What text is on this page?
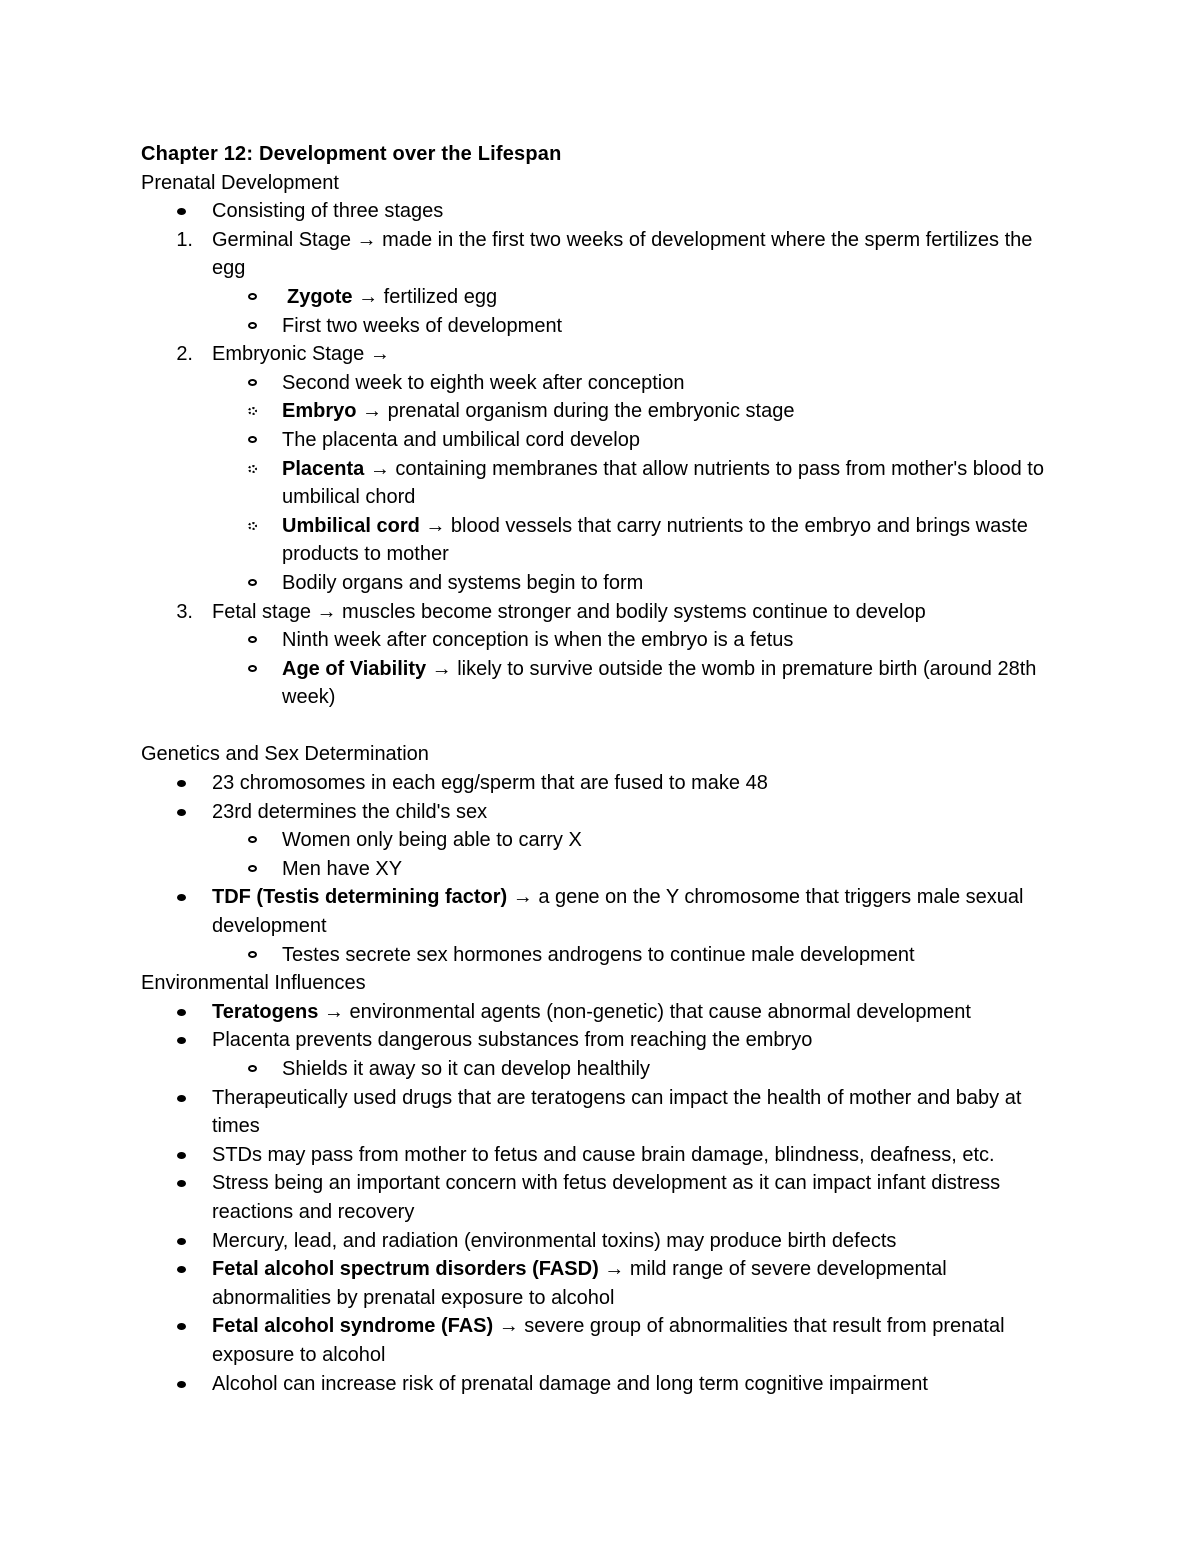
Chapter 12: Development over the Lifespan

Prenatal Development

Consisting of three stages
1. Germinal Stage → made in the first two weeks of development where the sperm fertilizes the egg
Zygote → fertilized egg
First two weeks of development
2. Embryonic Stage →
Second week to eighth week after conception
Embryo → prenatal organism during the embryonic stage
The placenta and umbilical cord develop
Placenta → containing membranes that allow nutrients to pass from mother's blood to umbilical chord
Umbilical cord → blood vessels that carry nutrients to the embryo and brings waste products to mother
Bodily organs and systems begin to form
3. Fetal stage → muscles become stronger and bodily systems continue to develop
Ninth week after conception is when the embryo is a fetus
Age of Viability → likely to survive outside the womb in premature birth (around 28th week)

Genetics and Sex Determination

23 chromosomes in each egg/sperm that are fused to make 48
23rd determines the child's sex
Women only being able to carry X
Men have XY
TDF (Testis determining factor) → a gene on the Y chromosome that triggers male sexual development
Testes secrete sex hormones androgens to continue male development

Environmental Influences

Teratogens → environmental agents (non-genetic) that cause abnormal development
Placenta prevents dangerous substances from reaching the embryo
Shields it away so it can develop healthily
Therapeutically used drugs that are teratogens can impact the health of mother and baby at times
STDs may pass from mother to fetus and cause brain damage, blindness, deafness, etc.
Stress being an important concern with fetus development as it can impact infant distress reactions and recovery
Mercury, lead, and radiation (environmental toxins) may produce birth defects
Fetal alcohol spectrum disorders (FASD) → mild range of severe developmental abnormalities by prenatal exposure to alcohol
Fetal alcohol syndrome (FAS) → severe group of abnormalities that result from prenatal exposure to alcohol
Alcohol can increase risk of prenatal damage and long term cognitive impairment
